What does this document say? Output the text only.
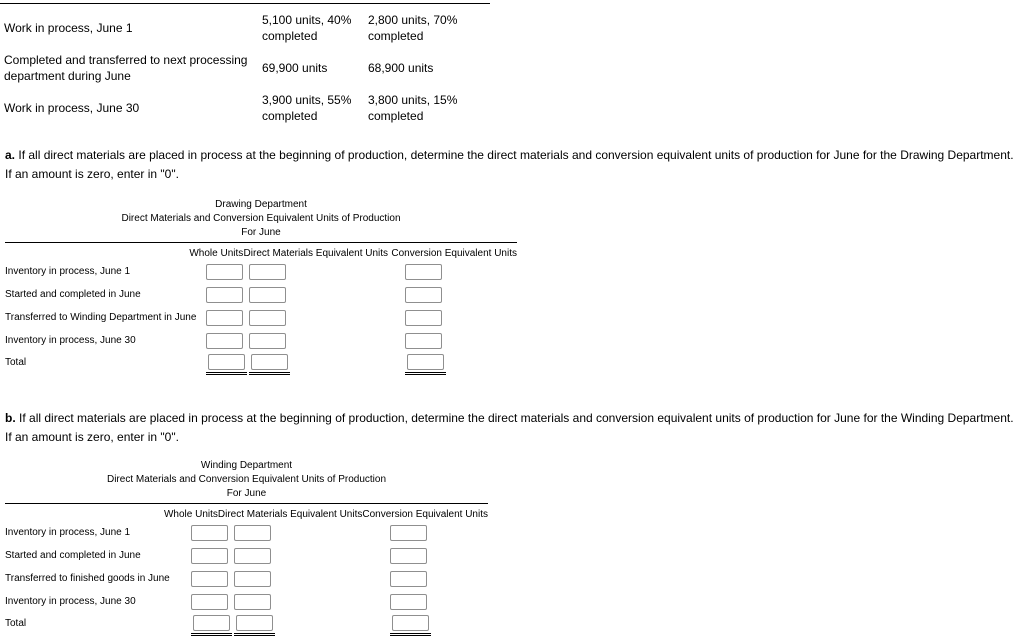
Work in process, June 1
5,100 units, 40% completed
2,800 units, 70% completed
Completed and transferred to next processing department during June
69,900 units	68,900 units
Work in process, June 30
3,900 units, 55% completed
3,800 units, 15% completed

a. If all direct materials are placed in process at the beginning of production, determine the direct materials and conversion equivalent units of production for June for the Drawing Department. If an amount is zero, enter in "0".

Drawing Department
Direct Materials and Conversion Equivalent Units of Production
For June
Whole Units Direct Materials Equivalent Units Conversion Equivalent Units
Inventory in process, June 1
Started and completed in June
Transferred to Winding Department in June
Inventory in process, June 30
Total

b. If all direct materials are placed in process at the beginning of production, determine the direct materials and conversion equivalent units of production for June for the Winding Department. If an amount is zero, enter in "0".

Winding Department
Direct Materials and Conversion Equivalent Units of Production
For June
Whole Units Direct Materials Equivalent Units Conversion Equivalent Units
Inventory in process, June 1
Started and completed in June
Transferred to finished goods in June
Inventory in process, June 30
Total
